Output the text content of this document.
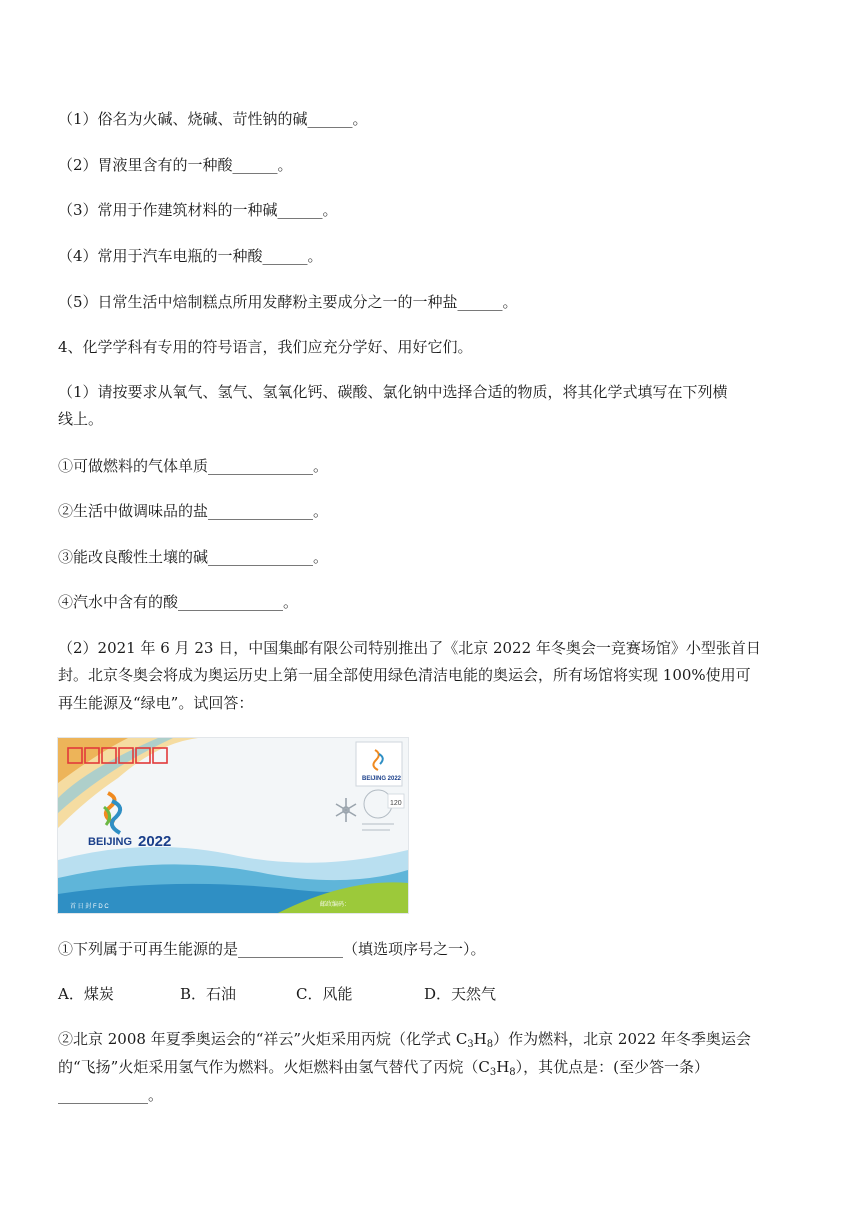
（1）俗名为火碱、烧碱、苛性钠的碱______。
（2）胃液里含有的一种酸______。
（3）常用于作建筑材料的一种碱______。
（4）常用于汽车电瓶的一种酸______。
（5）日常生活中焙制糕点所用发酵粉主要成分之一的一种盐______。
4、化学学科有专用的符号语言，我们应充分学好、用好它们。
（1）请按要求从氧气、氢气、氢氧化钙、碳酸、氯化钠中选择合适的物质，将其化学式填写在下列横
线上。
①可做燃料的气体单质______________。
②生活中做调味品的盐______________。
③能改良酸性土壤的碱______________。
④汽水中含有的酸______________。
（2）2021 年 6 月 23 日，中国集邮有限公司特别推出了《北京 2022 年冬奥会一竞赛场馆》小型张首日
封。北京冬奥会将成为奥运历史上第一届全部使用绿色清洁电能的奥运会，所有场馆将实现 100%使用可
再生能源及“绿电”。试回答：
BEIJING 2022
BEIJING 2022
120
首 日 封 F D C	邮政编码：
①下列属于可再生能源的是______________（填选项序号之一）。
A．煤炭	B．石油	C．风能	D．天然气
②北京 2008 年夏季奥运会的“祥云”火炬采用丙烷（化学式 $C_3H_8$）作为燃料，北京 2022 年冬季奥运会
的“飞扬”火炬采用氢气作为燃料。火炬燃料由氢气替代了丙烷$(C_3H_8)$，其优点是：(至少答一条）
____________。
